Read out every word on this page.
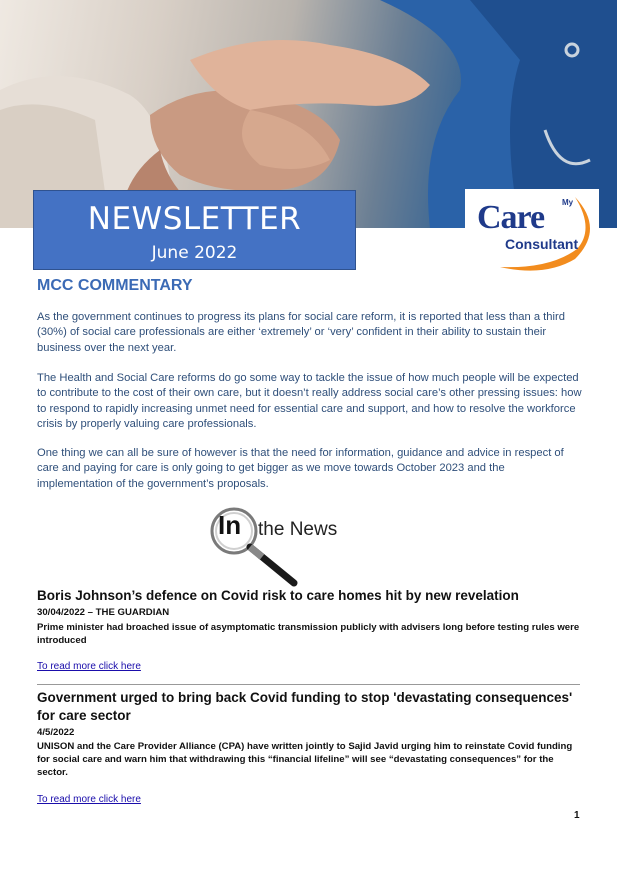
NEWSLETTER
June 2022
My
Care
Consultant
MCC COMMENTARY
As the government continues to progress its plans for social care reform, it is reported that less than a third (30%) of social care professionals are either ‘extremely’ or ‘very’ confident in their ability to sustain their business over the next year.
The Health and Social Care reforms do go some way to tackle the issue of how much people will be expected to contribute to the cost of their own care, but it doesn’t really address social care’s other pressing issues: how to respond to rapidly increasing unmet need for essential care and support, and how to resolve the workforce crisis by properly valuing care professionals.
One thing we can all be sure of however is that the need for information, guidance and advice in respect of care and paying for care is only going to get bigger as we move towards October 2023 and the implementation of the government’s proposals.
In the News
Boris Johnson’s defence on Covid risk to care homes hit by new revelation
30/04/2022 – THE GUARDIAN
Prime minister had broached issue of asymptomatic transmission publicly with advisers long before testing rules were introduced
To read more click here
Government urged to bring back Covid funding to stop 'devastating consequences' for care sector
4/5/2022
UNISON and the Care Provider Alliance (CPA) have written jointly to Sajid Javid urging him to reinstate Covid funding for social care and warn him that withdrawing this “financial lifeline” will see “devastating consequences” for the sector.
To read more click here
1
